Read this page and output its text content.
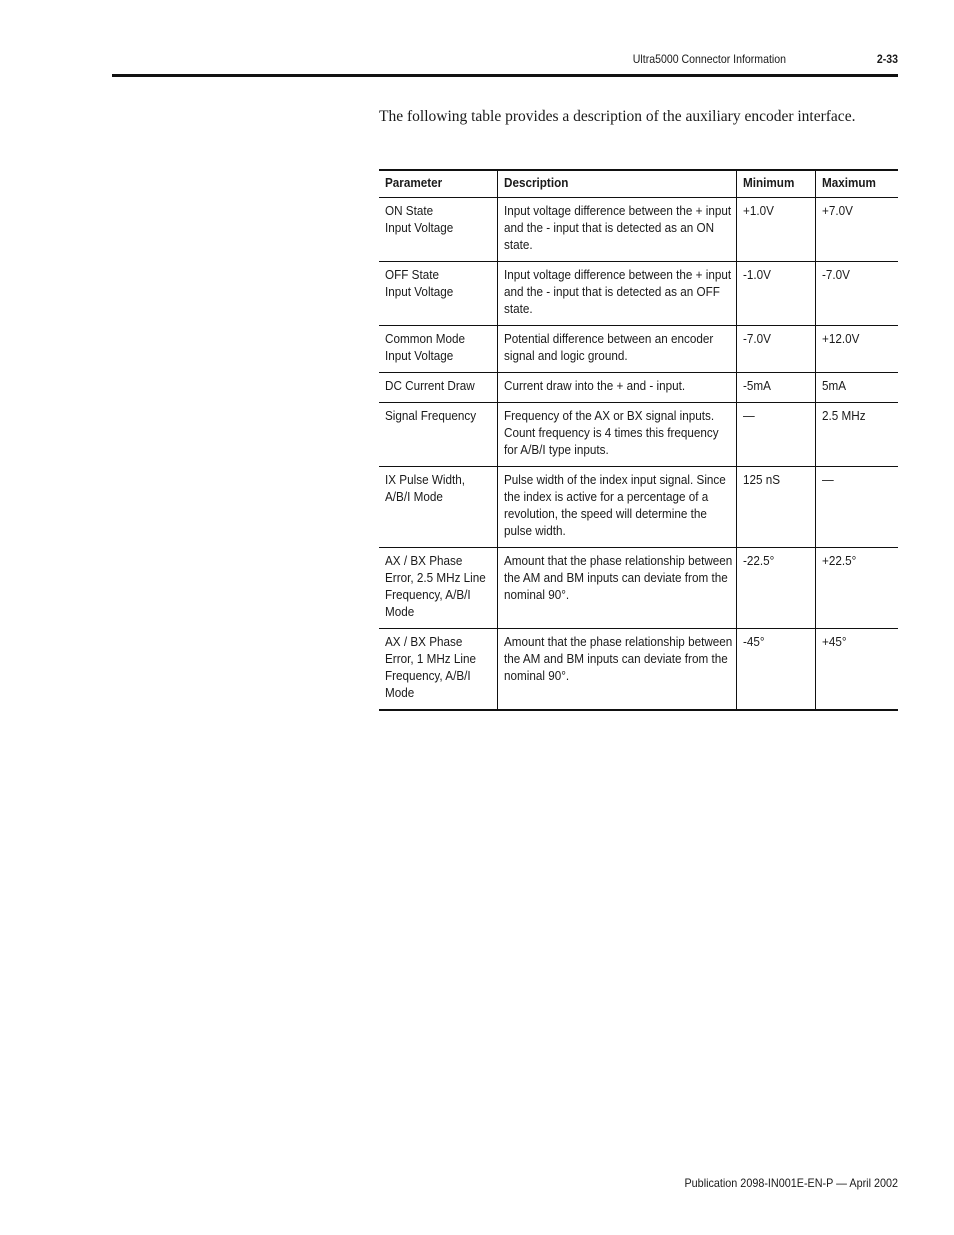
Ultra5000 Connector Information	2-33

The following table provides a description of the auxiliary encoder interface.

Parameter	Description	Minimum	Maximum

ON State
Input Voltage	Input voltage difference between the + input and the - input that is detected as an ON state.	+1.0V	+7.0V

OFF State
Input Voltage	Input voltage difference between the + input and the - input that is detected as an OFF state.	-1.0V	-7.0V

Common Mode
Input Voltage	Potential difference between an encoder signal and logic ground.	-7.0V	+12.0V

DC Current Draw	Current draw into the + and - input.	-5mA	5mA

Signal Frequency	Frequency of the AX or BX signal inputs. Count frequency is 4 times this frequency for A/B/I type inputs.	—	2.5 MHz

IX Pulse Width,
A/B/I Mode	Pulse width of the index input signal. Since the index is active for a percentage of a revolution, the speed will determine the pulse width.	125 nS	—

AX / BX Phase Error, 2.5 MHz Line Frequency, A/B/I Mode	Amount that the phase relationship between the AM and BM inputs can deviate from the nominal 90°.	-22.5°	+22.5°

AX / BX Phase Error, 1 MHz Line Frequency, A/B/I Mode	Amount that the phase relationship between the AM and BM inputs can deviate from the nominal 90°.	-45°	+45°
Publication 2098-IN001E-EN-P — April 2002
